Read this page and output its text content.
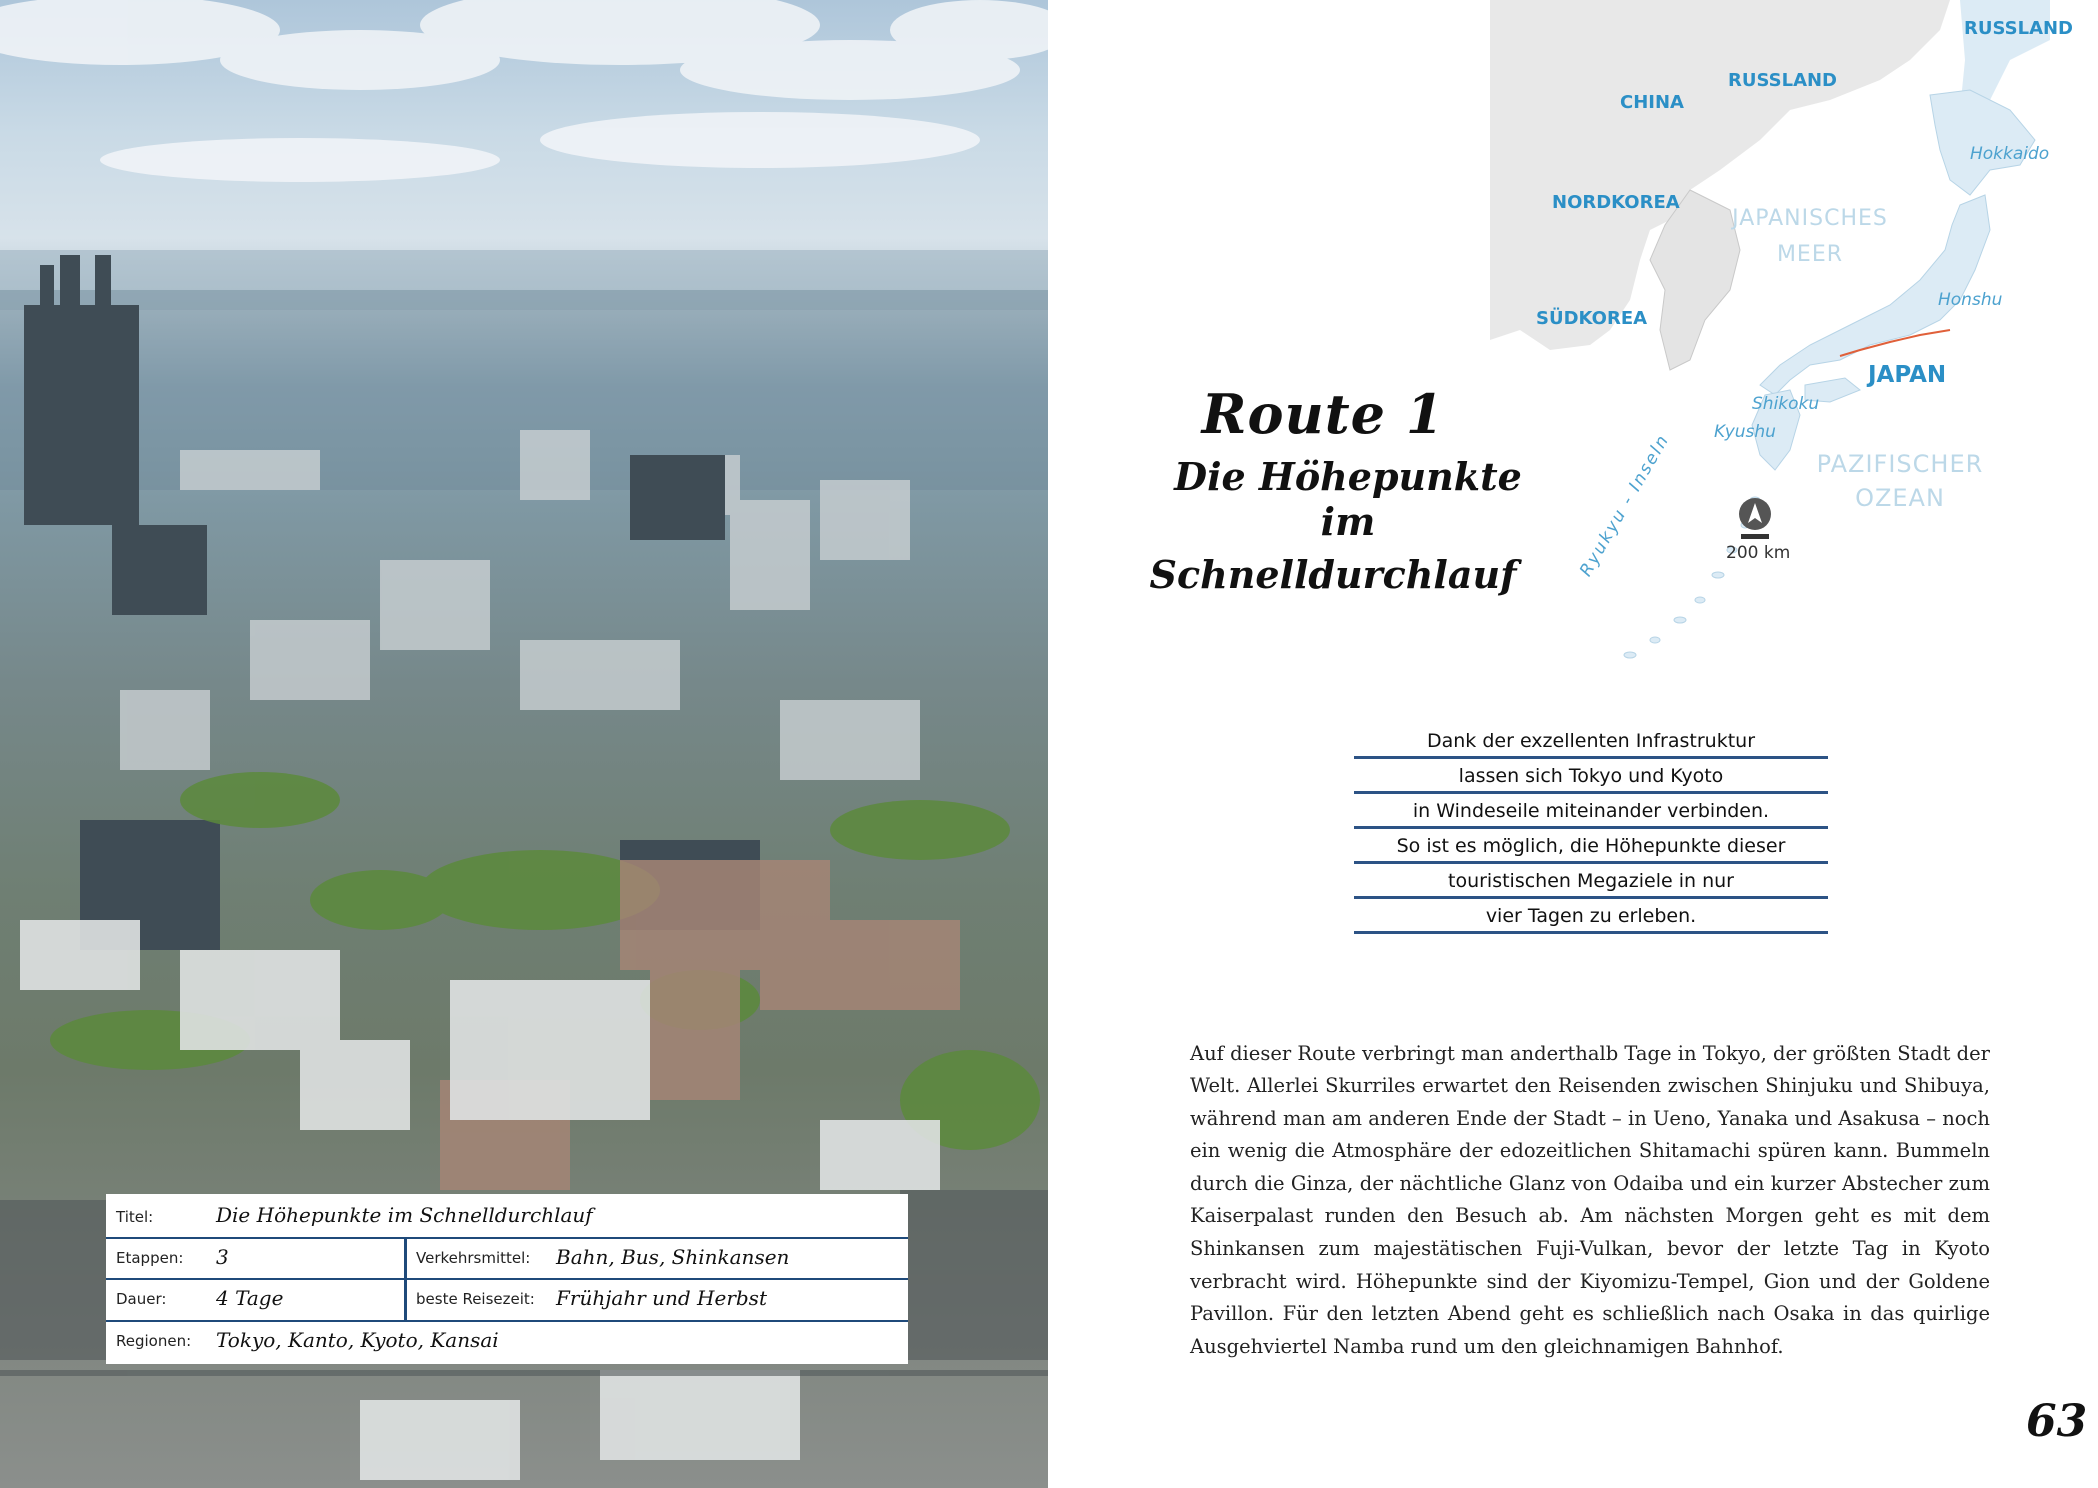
Titel:	Die Höhepunkte im Schnelldurchlauf
Etappen: 3	Verkehrsmittel: Bahn, Bus, Shinkansen
Dauer: 4 Tage	beste Reisezeit: Frühjahr und Herbst
Regionen: Tokyo, Kanto, Kyoto, Kansai
RUSSLAND
RUSSLAND
CHINA
NORDKOREA
SÜDKOREA
JAPAN
Hokkaido
Honshu
Shikoku
Kyushu
Ryukyu - Inseln
JAPANISCHES
MEER
PAZIFISCHER
OZEAN
200 km
Route 1
Die Höhepunkte im
Schnelldurchlauf
Dank der exzellenten Infrastruktur
lassen sich Tokyo und Kyoto
in Windeseile miteinander verbinden.
So ist es möglich, die Höhepunkte dieser
touristischen Megaziele in nur
vier Tagen zu erleben.

Auf dieser Route verbringt man anderthalb Tage in Tokyo, der größten Stadt der Welt. Allerlei Skurriles erwartet den Reisenden zwischen Shinjuku und Shibuya, während man am anderen Ende der Stadt – in Ueno, Yanaka und Asakusa – noch ein wenig die Atmosphäre der edozeitlichen Shitamachi spüren kann. Bummeln durch die Ginza, der nächtliche Glanz von Odaiba und ein kurzer Abstecher zum Kaiserpalast runden den Besuch ab. Am nächsten Morgen geht es mit dem Shinkansen zum majestätischen Fuji-Vulkan, bevor der letzte Tag in Kyoto verbracht wird. Höhepunkte sind der Kiyomizu-Tempel, Gion und der Goldene Pavillon. Für den letzten Abend geht es schließlich nach Osaka in das quirlige Ausgehviertel Namba rund um den gleichnamigen Bahnhof.

63
